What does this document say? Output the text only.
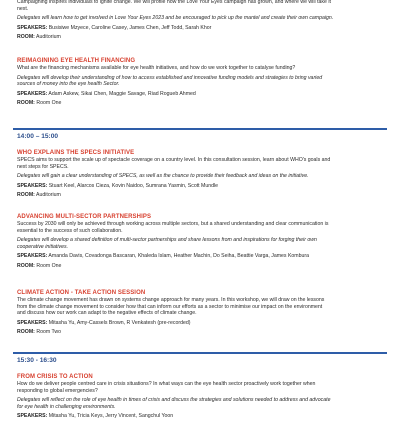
Campaigning inspires individuals to ignite change. We will profile how the Love Your Eyes campaign has grown, and where we will take it

next.

Delegates will learn how to get involved in Love Your Eyes 2023 and be encouraged to pick up the mantel and create their own campaign.

SPEAKERS: Busisiwe Mzyece, Caroline Casey, James Chen, Jeff Todd, Sarah Khor

ROOM: Auditorium

REIMAGINING EYE HEALTH FINANCING

What are the financing mechanisms available for eye health initiatives, and how do we work together to catalyse funding?

Delegates will develop their understanding of how to access established and innovative funding models and strategies to bring varied

sources of money into the eye health Sector.

SPEAKERS: Adam Askew, Sikai Chen, Maggie Savage, Riad Rogueb Ahmed

ROOM: Room One

14:00 – 15:00

WHO EXPLAINS THE SPECS INITIATIVE

SPECS aims to support the scale up of spectacle coverage on a country level. In this consultation session, learn about WHO's goals and

next steps for SPECS.

Delegates will gain a clear understanding of SPECS, as well as the chance to provide their feedback and ideas on the initiative.

SPEAKERS: Stuart Keel, Alarcos Cieza, Kovin Naidoo, Sumrana Yasmin, Scott Mundle

ROOM: Auditorium

ADVANCING MULTI-SECTOR PARTNERSHIPS

Success by 2030 will only be achieved through working across multiple sectors, but a shared understanding and clear communication is

essential to the success of such collaboration.

Delegates will develop a shared definition of multi-sector partnerships and share lessons from and inspirations for forging their own

cooperative initiatives.

SPEAKERS: Amanda Davis, Covadonga Bascaran, Khaleda Islam, Heather Machin, Do Seiha, Beattie Varga, James Kombura

ROOM: Room One

CLIMATE ACTION - TAKE ACTION SESSION

The climate change movement has drawn on systems change approach for many years. In this workshop, we will draw on the lessons

from the climate change movement to consider how that can inform our efforts as a sector to minimise our impact on the environment

and discuss how our work can adapt to the negative effects of climate change.

SPEAKERS: Mitasha Yu, Amy-Cassels Brown, R Venkatesh (pre-recorded)

ROOM: Room Two

15:30 - 16:30

FROM CRISIS TO ACTION

How do we deliver people centred care in crisis situations? In what ways can the eye health sector proactively work together when

responding to global emergencies?

Delegates will reflect on the role of eye health in times of crisis and discuss the strategies and solutions needed to address and advocate

for eye health in challenging environments.

SPEAKERS: Mitasha Yu, Tricia Keys, Jerry Vincent, Sangchul Yoon
